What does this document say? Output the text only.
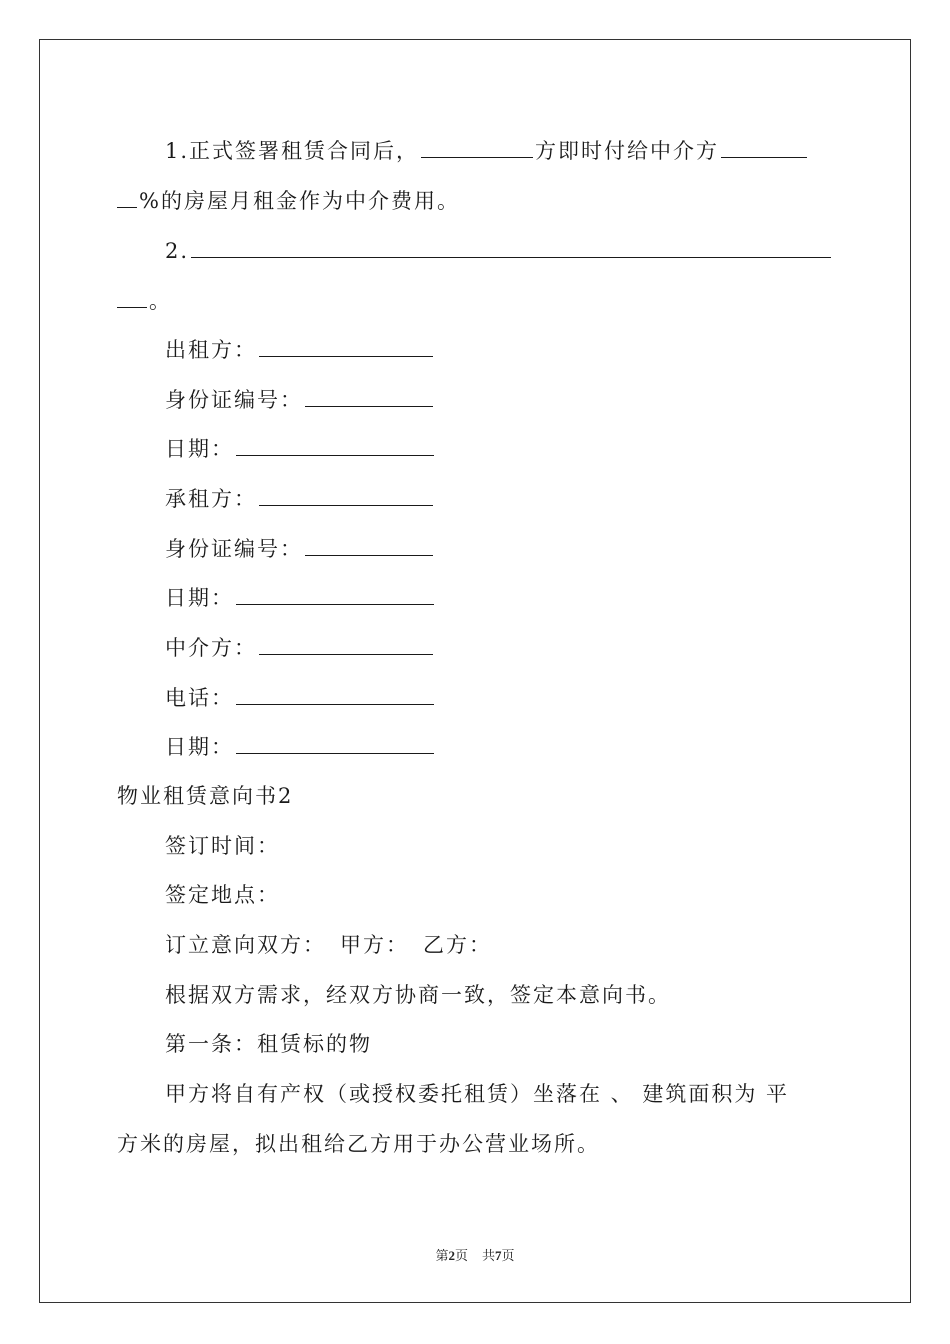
1.正式签署租赁合同后，	方即时付给中介方
%的房屋月租金作为中介费用。
2.
。
出租方：
身份证编号：
日期：
承租方：
身份证编号：
日期：
中介方：
电话：
日期：
物业租赁意向书2
签订时间：
签定地点：
订立意向双方： 甲方： 乙方：
根据双方需求，经双方协商一致，签定本意向书。
第一条：租赁标的物
甲方将自有产权（或授权委托租赁）坐落在 、 建筑面积为 平
方米的房屋，拟出租给乙方用于办公营业场所。
第2页 共7页
